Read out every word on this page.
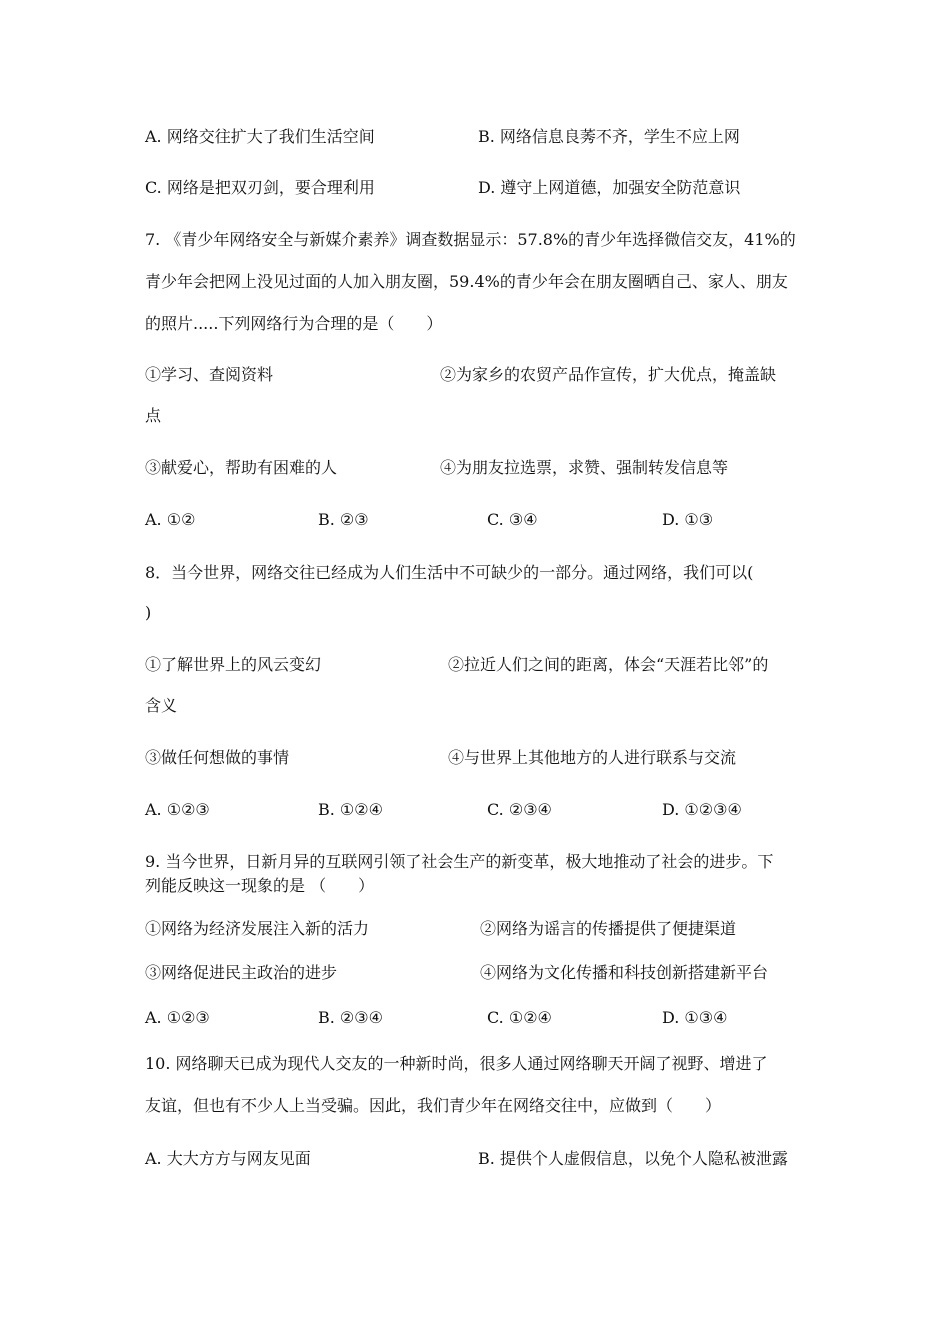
A. 网络交往扩大了我们生活空间	B. 网络信息良莠不齐，学生不应上网
C. 网络是把双刃剑，要合理利用	D. 遵守上网道德，加强安全防范意识
7. 《青少年网络安全与新媒介素养》调查数据显示：57.8%的青少年选择微信交友，41%的
青少年会把网上没见过面的人加入朋友圈，59.4%的青少年会在朋友圈晒自己、家人、朋友
的照片.....下列网络行为合理的是（　　）
①学习、查阅资料	②为家乡的农贸产品作宣传，扩大优点，掩盖缺
点
③献爱心，帮助有困难的人	④为朋友拉选票，求赞、强制转发信息等
A. ①②	B. ②③	C. ③④	D. ①③
8．当今世界，网络交往已经成为人们生活中不可缺少的一部分。通过网络，我们可以(
)
①了解世界上的风云变幻	②拉近人们之间的距离，体会“天涯若比邻”的
含义
③做任何想做的事情	④与世界上其他地方的人进行联系与交流
A. ①②③	B. ①②④	C. ②③④	D. ①②③④
9. 当今世界，日新月异的互联网引领了社会生产的新变革，极大地推动了社会的进步。下
列能反映这一现象的是 （　　）
①网络为经济发展注入新的活力	②网络为谣言的传播提供了便捷渠道
③网络促进民主政治的进步	④网络为文化传播和科技创新搭建新平台
A. ①②③	B. ②③④	C. ①②④	D. ①③④
10. 网络聊天已成为现代人交友的一种新时尚，很多人通过网络聊天开阔了视野、增进了
友谊，但也有不少人上当受骗。因此，我们青少年在网络交往中，应做到（　　）
A. 大大方方与网友见面	B. 提供个人虚假信息，以免个人隐私被泄露
